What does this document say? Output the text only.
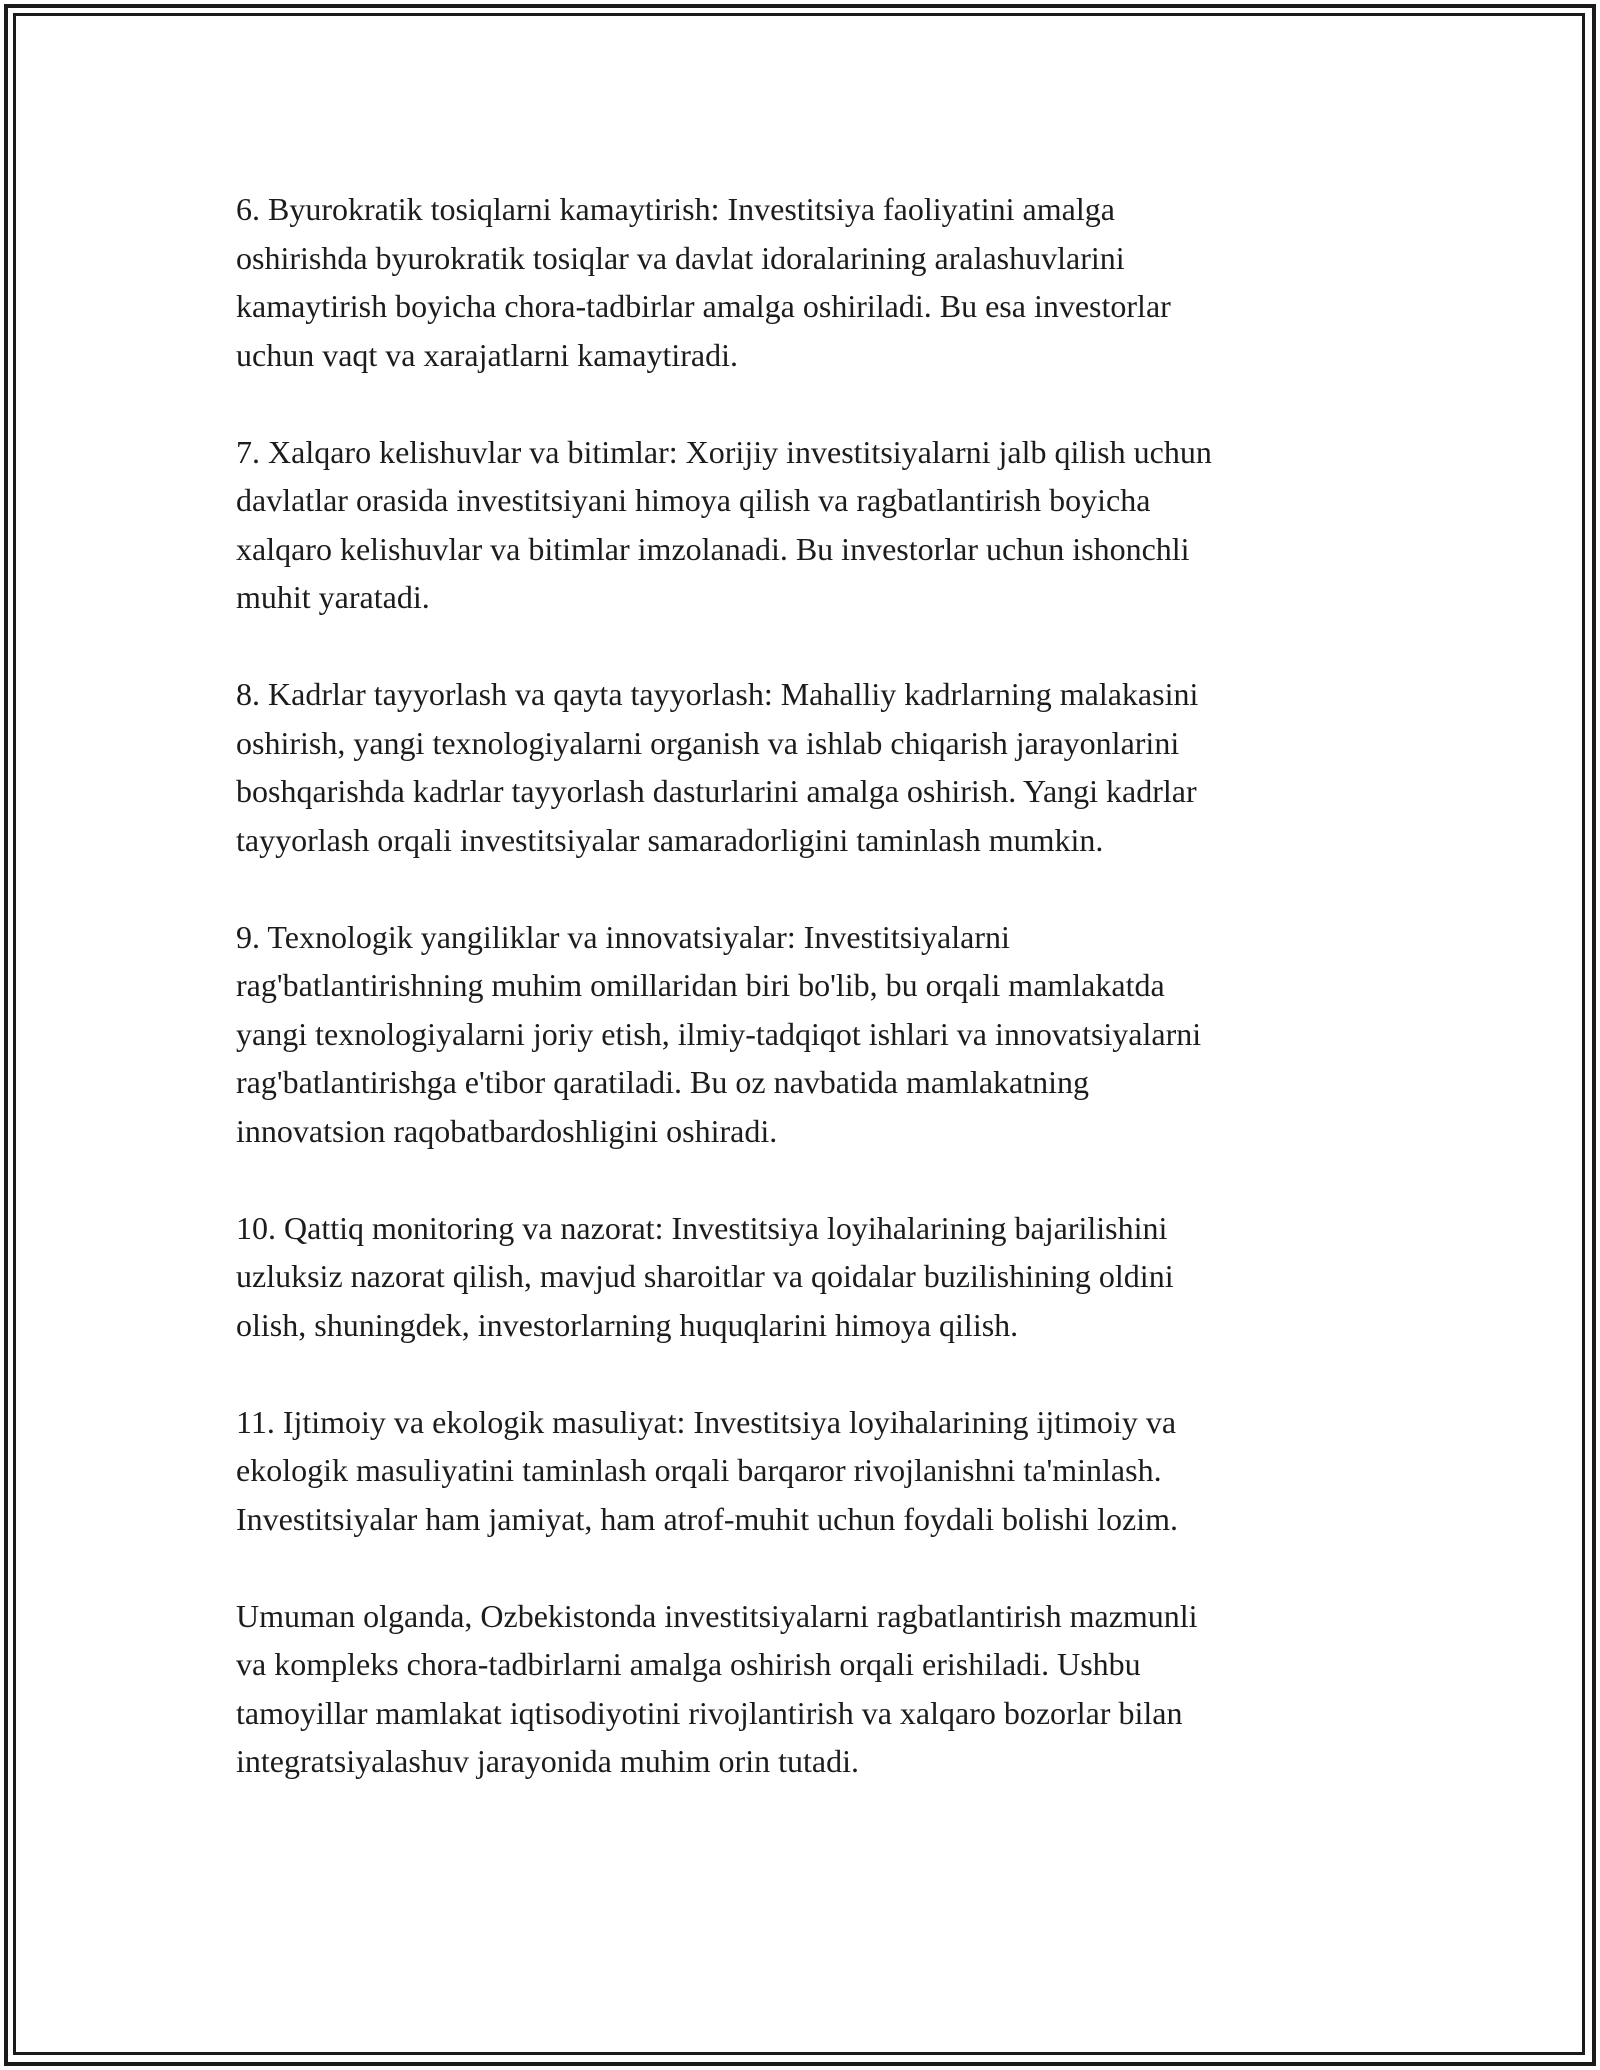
6. Byurokratik tosiqlarni kamaytirish: Investitsiya faoliyatini amalga
oshirishda byurokratik tosiqlar va davlat idoralarining aralashuvlarini
kamaytirish boyicha chora-tadbirlar amalga oshiriladi. Bu esa investorlar
uchun vaqt va xarajatlarni kamaytiradi.

7. Xalqaro kelishuvlar va bitimlar: Xorijiy investitsiyalarni jalb qilish uchun
davlatlar orasida investitsiyani himoya qilish va ragbatlantirish boyicha
xalqaro kelishuvlar va bitimlar imzolanadi. Bu investorlar uchun ishonchli
muhit yaratadi.

8. Kadrlar tayyorlash va qayta tayyorlash: Mahalliy kadrlarning malakasini
oshirish, yangi texnologiyalarni organish va ishlab chiqarish jarayonlarini
boshqarishda kadrlar tayyorlash dasturlarini amalga oshirish. Yangi kadrlar
tayyorlash orqali investitsiyalar samaradorligini taminlash mumkin.

9. Texnologik yangiliklar va innovatsiyalar: Investitsiyalarni
rag'batlantirishning muhim omillaridan biri bo'lib, bu orqali mamlakatda
yangi texnologiyalarni joriy etish, ilmiy-tadqiqot ishlari va innovatsiyalarni
rag'batlantirishga e'tibor qaratiladi. Bu oz navbatida mamlakatning
innovatsion raqobatbardoshligini oshiradi.

10. Qattiq monitoring va nazorat: Investitsiya loyihalarining bajarilishini
uzluksiz nazorat qilish, mavjud sharoitlar va qoidalar buzilishining oldini
olish, shuningdek, investorlarning huquqlarini himoya qilish.

11. Ijtimoiy va ekologik masuliyat: Investitsiya loyihalarining ijtimoiy va
ekologik masuliyatini taminlash orqali barqaror rivojlanishni ta'minlash.
Investitsiyalar ham jamiyat, ham atrof-muhit uchun foydali bolishi lozim.

Umuman olganda, Ozbekistonda investitsiyalarni ragbatlantirish mazmunli
va kompleks chora-tadbirlarni amalga oshirish orqali erishiladi. Ushbu
tamoyillar mamlakat iqtisodiyotini rivojlantirish va xalqaro bozorlar bilan
integratsiyalashuv jarayonida muhim orin tutadi.
